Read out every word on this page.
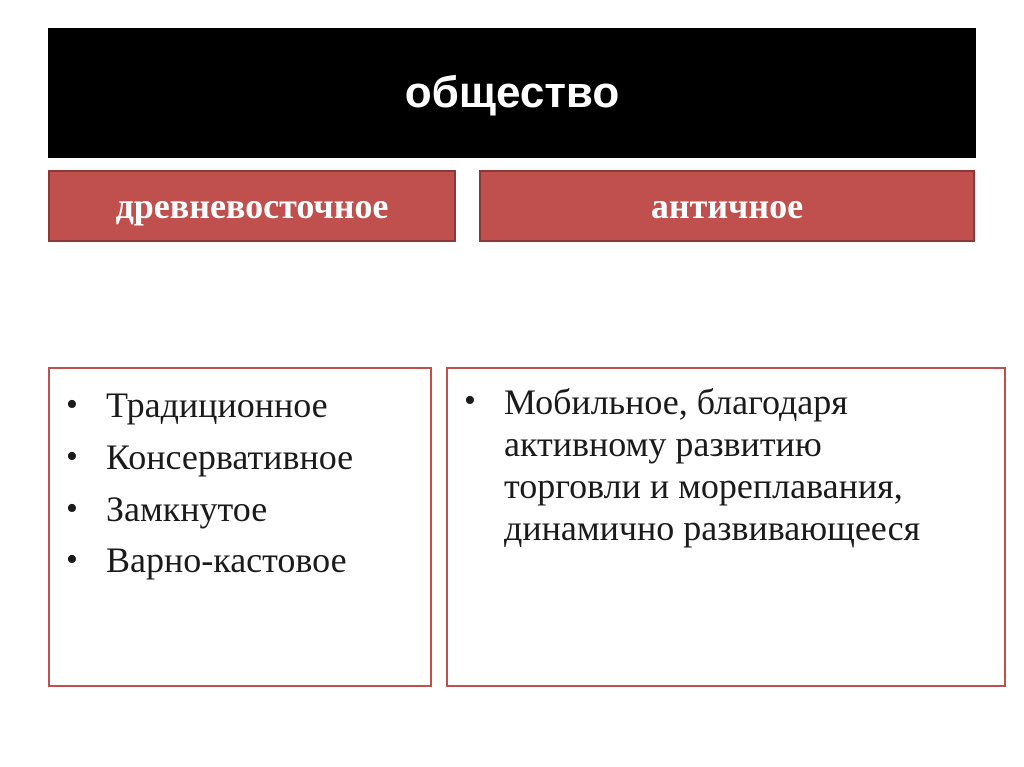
общество
древневосточное	античное
• Традиционное
• Консервативное
• Замкнутое
• Варно-кастовое
• Мобильное, благодаря активному развитию торговли и мореплавания, динамично развивающееся
